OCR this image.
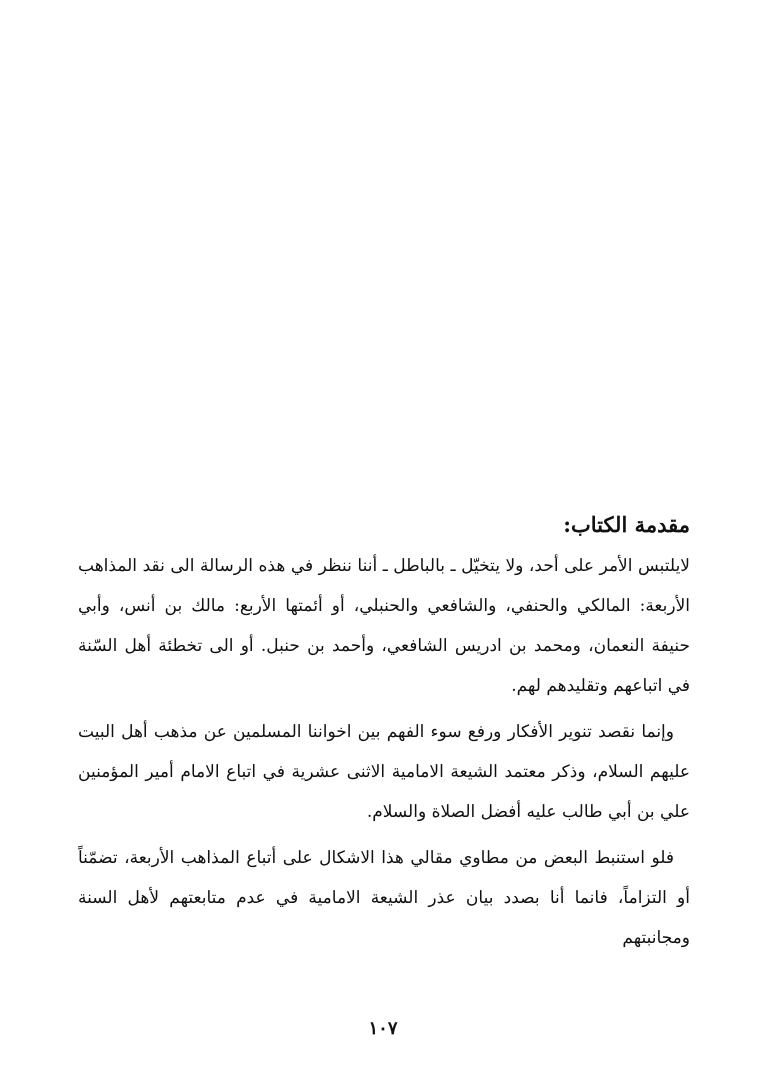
مقدمة الكتاب:

لايلتبس الأمر على أحد، ولا يتخيّل ـ بالباطل ـ أننا ننظر في هذه الرسالة الى نقد المذاهب الأربعة: المالكي والحنفي، والشافعي والحنبلي، أو أئمتها الأربع: مالك بن أنس، وأبي حنيفة النعمان، ومحمد بن ادريس الشافعي، وأحمد بن حنبل. أو الى تخطئة أهل السّنة في اتباعهم وتقليدهم لهم.

وإنما نقصد تنوير الأفكار ورفع سوء الفهم بين اخواننا المسلمين عن مذهب أهل البيت عليهم السلام، وذكر معتمد الشيعة الامامية الاثنى عشرية في اتباع الامام أمير المؤمنين علي بن أبي طالب عليه أفضل الصلاة والسلام.

فلو استنبط البعض من مطاوي مقالي هذا الاشكال على أتباع المذاهب الأربعة، تضمّناً أو التزاماً، فانما أنا بصدد بيان عذر الشيعة الامامية في عدم متابعتهم لأهل السنة ومجانبتهم

١٠٧
